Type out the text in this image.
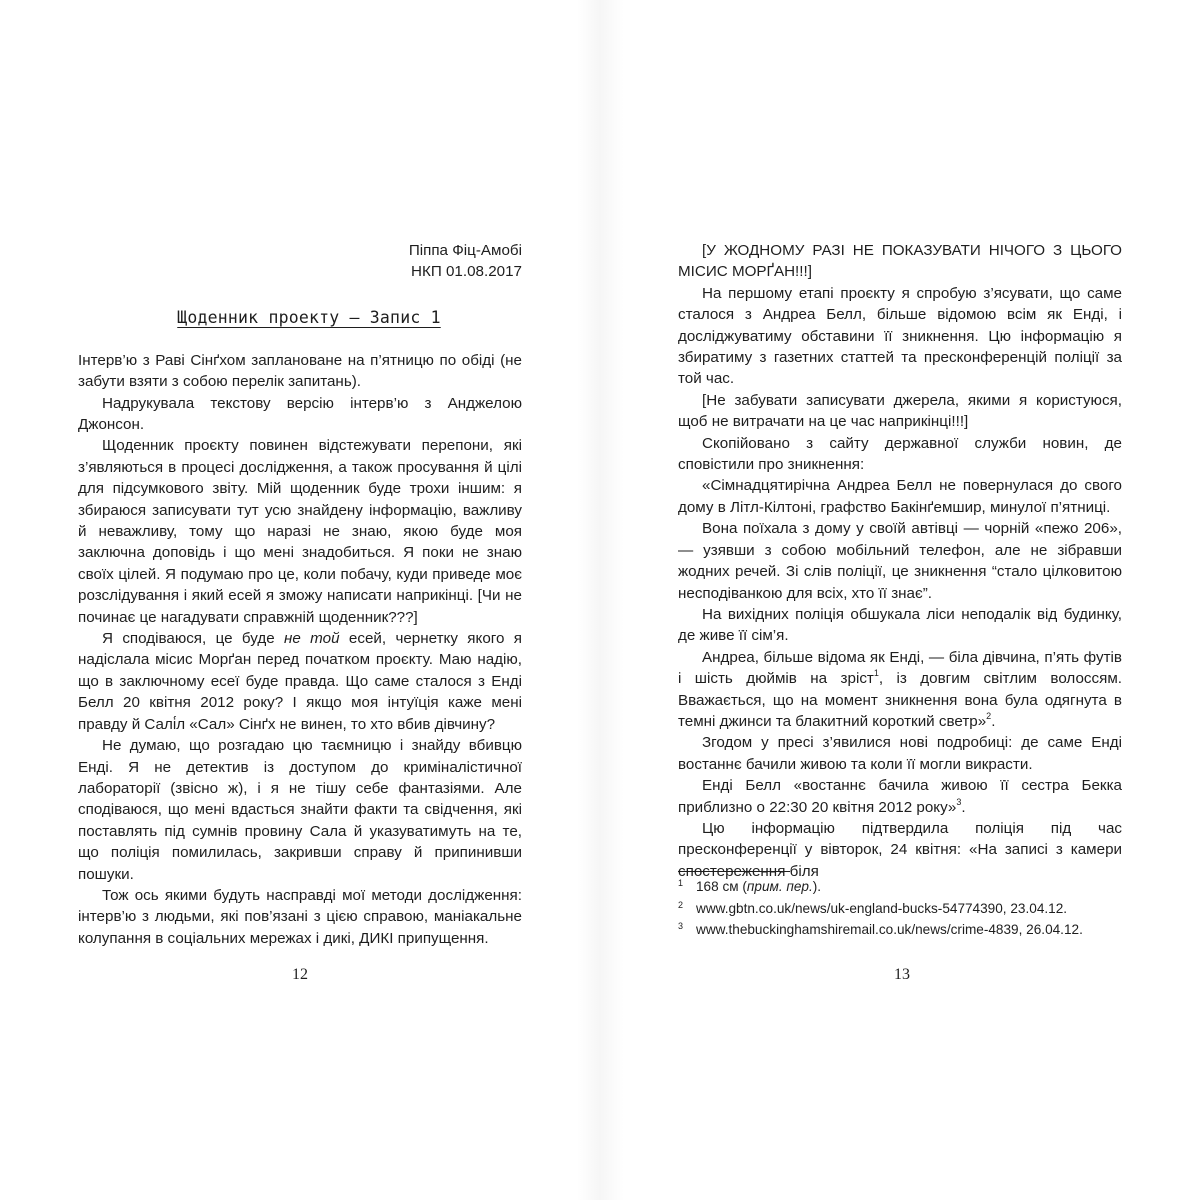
Піппа Фіц-Амобі

НКП 01.08.2017

Щоденник проекту — Запис 1

Інтерв’ю з Раві Сінґхом заплановане на п’ятницю по обіді (не забути взяти з собою перелік запитань).

Надрукувала текстову версію інтерв’ю з Анджелою Джонсон.

Щоденник проєкту повинен відстежувати перепони, які з’являються в процесі дослідження, а також просування й цілі для підсумкового звіту. Мій щоденник буде трохи іншим: я збираюся записувати тут усю знайдену інформацію, важливу й неважливу, тому що наразі не знаю, якою буде моя заключна доповідь і що мені знадобиться. Я поки не знаю своїх цілей. Я подумаю про це, коли побачу, куди приведе моє розслідування і який есей я зможу написати наприкінці. [Чи не починає це нагадувати справжній щоденник???]

Я сподіваюся, це буде не той есей, чернетку якого я надіслала місис Морґан перед початком проєкту. Маю надію, що в заключному есеї буде правда. Що саме сталося з Енді Белл 20 квітня 2012 року? І якщо моя інтуїція каже мені правду й Салі́л «Сал» Сінґх не винен, то хто вбив дівчину?

Не думаю, що розгадаю цю таємницю і знайду вбивцю Енді. Я не детектив із доступом до криміналістичної лабораторії (звісно ж), і я не тішу себе фантазіями. Але сподіваюся, що мені вдасться знайти факти та свідчення, які поставлять під сумнів провину Сала й указуватимуть на те, що поліція помилилась, закривши справу й припинивши пошуки.

Тож ось якими будуть насправді мої методи дослідження: інтерв’ю з людьми, які пов’язані з цією справою, маніакальне колупання в соціальних мережах і дикі, ДИКІ припущення.

12

[У ЖОДНОМУ РАЗІ НЕ ПОКАЗУВАТИ НІЧОГО З ЦЬОГО МІСИС МОРҐАН!!!]

На першому етапі проєкту я спробую з’ясувати, що саме сталося з Андреа Белл, більше відомою всім як Енді, і досліджуватиму обставини її зникнення. Цю інформацію я збиратиму з газетних статтей та пресконференцій поліції за той час.

[Не забувати записувати джерела, якими я користуюся, щоб не витрачати на це час наприкінці!!!]

Скопійовано з сайту державної служби новин, де сповістили про зникнення:

«Сімнадцятирічна Андреа Белл не повернулася до свого дому в Літл-Кілтоні, графство Бакінґемшир, минулої п’ятниці.

Вона поїхала з дому у своїй автівці — чорній «пежо 206», — узявши з собою мобільний телефон, але не зібравши жодних речей. Зі слів поліції, це зникнення “стало цілковитою несподіванкою для всіх, хто її знає”.

На вихідних поліція обшукала ліси неподалік від будинку, де живе її сім’я.

Андреа, більше відома як Енді, — біла дівчина, п’ять футів і шість дюймів на зріст$^1$, із довгим світлим волоссям. Вважається, що на момент зникнення вона була одягнута в темні джинси та блакитний короткий светр»$^2$.

Згодом у пресі з’явилися нові подробиці: де саме Енді востаннє бачили живою та коли її могли викрасти.

Енді Белл «востаннє бачила живою її сестра Бекка приблизно о 22:30 20 квітня 2012 року»$^3$.

Цю інформацію підтвердила поліція під час пресконференції у вівторок, 24 квітня: «На записі з камери спостереження біля

1 168 см (прим. пер.).

2 www.gbtn.co.uk/news/uk-england-bucks-54774390, 23.04.12.

3 www.thebuckinghamshiremail.co.uk/news/crime-4839, 26.04.12.

13
